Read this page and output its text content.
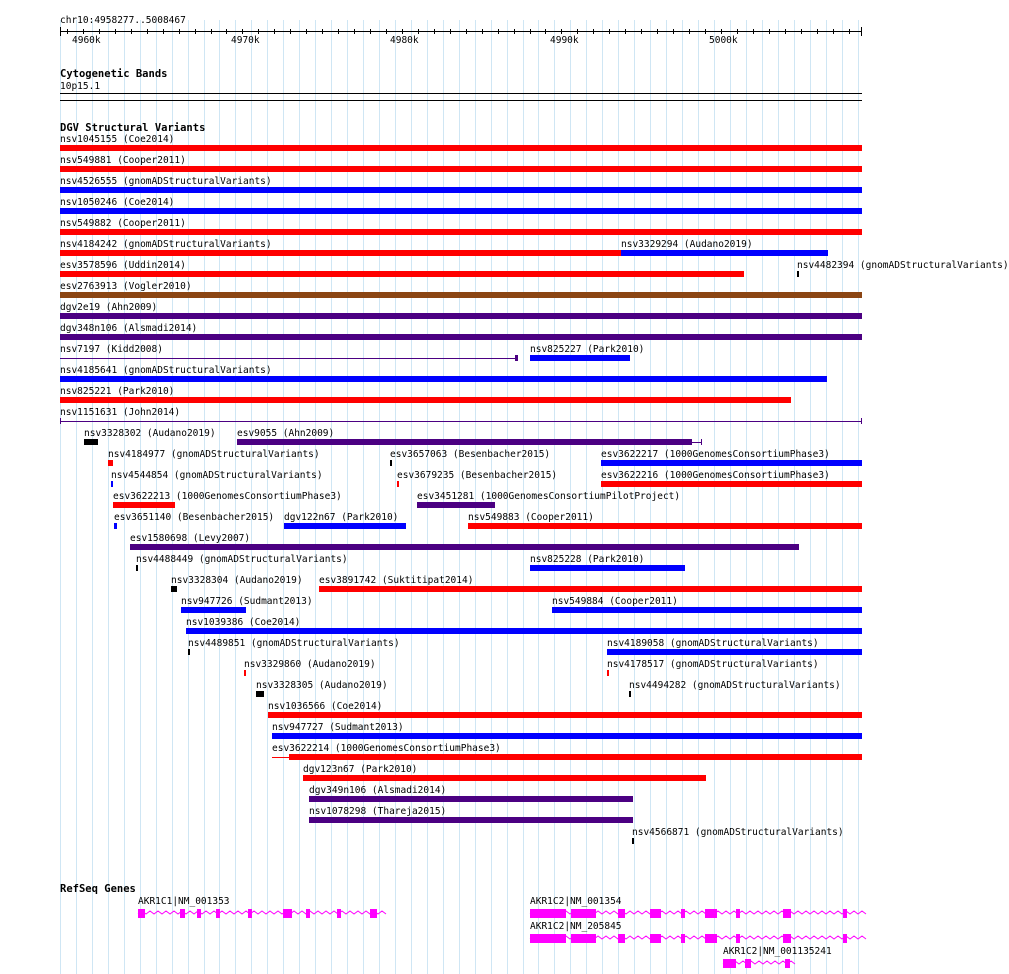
chr10:4958277..5008467
4960k	4970k	4980k	4990k	5000k
Cytogenetic Bands
10p15.1
DGV Structural Variants
nsv1045155 (Coe2014)
nsv549881 (Cooper2011)
nsv4526555 (gnomADStructuralVariants)
nsv1050246 (Coe2014)
nsv549882 (Cooper2011)
nsv4184242 (gnomADStructuralVariants)	nsv3329294 (Audano2019)
esv3578596 (Uddin2014)	nsv4482394 (gnomADStructuralVariants)
esv2763913 (Vogler2010)
dgv2e19 (Ahn2009)
dgv348n106 (Alsmadi2014)
nsv7197 (Kidd2008)	nsv825227 (Park2010)
nsv4185641 (gnomADStructuralVariants)
nsv825221 (Park2010)
nsv1151631 (John2014)
nsv3328302 (Audano2019) esv9055 (Ahn2009)
nsv4184977 (gnomADStructuralVariants)	esv3657063 (Besenbacher2015)	esv3622217 (1000GenomesConsortiumPhase3)
nsv4544854 (gnomADStructuralVariants)	esv3679235 (Besenbacher2015)	esv3622216 (1000GenomesConsortiumPhase3)
esv3622213 (1000GenomesConsortiumPhase3)	esv3451281 (1000GenomesConsortiumPilotProject)
esv3651140 (Besenbacher2015) dgv122n67 (Park2010)	nsv549883 (Cooper2011)
esv1580698 (Levy2007)
nsv4488449 (gnomADStructuralVariants)	nsv825228 (Park2010)
nsv3328304 (Audano2019) esv3891742 (Suktitipat2014)
nsv947726 (Sudmant2013)	nsv549884 (Cooper2011)
nsv1039386 (Coe2014)
nsv4489851 (gnomADStructuralVariants)	nsv4189058 (gnomADStructuralVariants)
nsv3329860 (Audano2019)	nsv4178517 (gnomADStructuralVariants)
nsv3328305 (Audano2019)	nsv4494282 (gnomADStructuralVariants)
nsv1036566 (Coe2014)
nsv947727 (Sudmant2013)
esv3622214 (1000GenomesConsortiumPhase3)
dgv123n67 (Park2010)
dgv349n106 (Alsmadi2014)
nsv1078298 (Thareja2015)
nsv4566871 (gnomADStructuralVariants)
RefSeq Genes
AKR1C1|NM_001353	AKR1C2|NM_001354
AKR1C2|NM_205845
AKR1C2|NM_001135241
